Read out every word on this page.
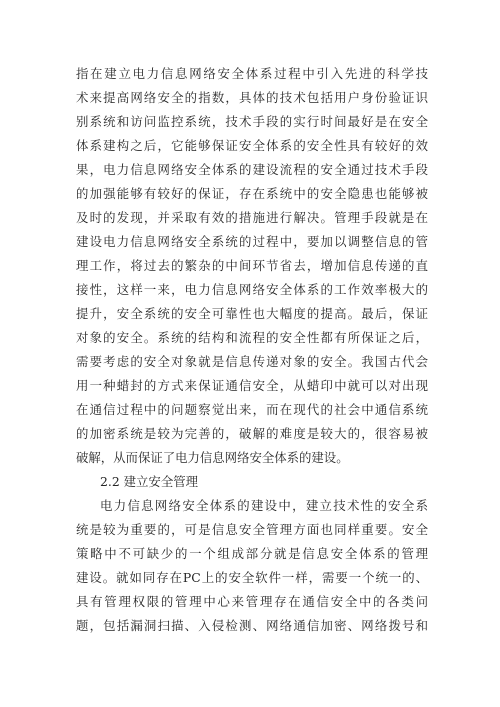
指在建立电力信息网络安全体系过程中引入先进的科学技
术来提高网络安全的指数，具体的技术包括用户身份验证识
别系统和访问监控系统，技术手段的实行时间最好是在安全
体系建构之后，它能够保证安全体系的安全性具有较好的效
果，电力信息网络安全体系的建设流程的安全通过技术手段
的加强能够有较好的保证，存在系统中的安全隐患也能够被
及时的发现，并采取有效的措施进行解决。管理手段就是在
建设电力信息网络安全系统的过程中，要加以调整信息的管
理工作，将过去的繁杂的中间环节省去，增加信息传递的直
接性，这样一来，电力信息网络安全体系的工作效率极大的
提升，安全系统的安全可靠性也大幅度的提高。最后，保证
对象的安全。系统的结构和流程的安全性都有所保证之后，
需要考虑的安全对象就是信息传递对象的安全。我国古代会
用一种蜡封的方式来保证通信安全，从蜡印中就可以对出现
在通信过程中的问题察觉出来，而在现代的社会中通信系统
的加密系统是较为完善的，破解的难度是较大的，很容易被
破解，从而保证了电力信息网络安全体系的建设。
2.2 建立安全管理
电力信息网络安全体系的建设中，建立技术性的安全系
统是较为重要的，可是信息安全管理方面也同样重要。安全
策略中不可缺少的一个组成部分就是信息安全体系的管理
建设。就如同存在PC上的安全软件一样，需要一个统一的、
具有管理权限的管理中心来管理存在通信安全中的各类问
题，包括漏洞扫描、入侵检测、网络通信加密、网络拨号和
